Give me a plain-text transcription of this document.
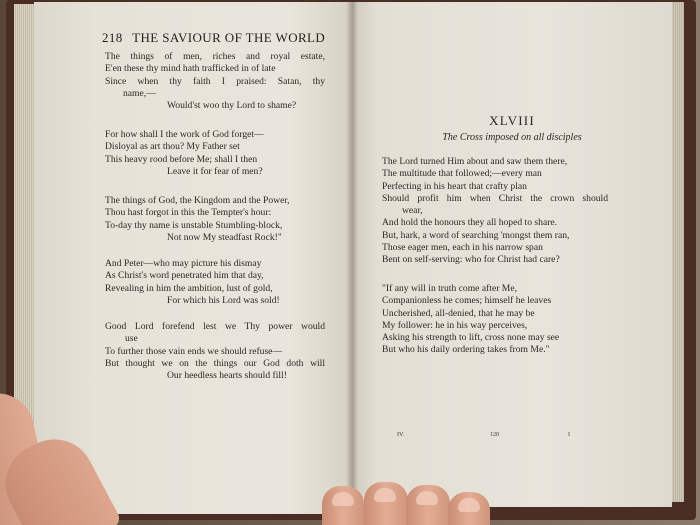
218 THE SAVIOUR OF THE WORLD
The things of men, riches and royal estate,
E'en these thy mind hath trafficked in of late
Since when thy faith I praised: Satan, thy
name,—
Would'st woo thy Lord to shame?
For how shall I the work of God forget—
Disloyal as art thou? My Father set
This heavy rood before Me; shall I then
Leave it for fear of men?
The things of God, the Kingdom and the Power,
Thou hast forgot in this the Tempter's hour:
To-day thy name is unstable Stumbling-block,
Not now My steadfast Rock!"
And Peter—who may picture his dismay
As Christ's word penetrated him that day,
Revealing in him the ambition, lust of gold,
For which his Lord was sold!
Good Lord forefend lest we Thy power would
use
To further those vain ends we should refuse—
But thought we on the things our God doth will
Our heedless hearts should fill!
XLVIII
The Cross imposed on all disciples
The Lord turned Him about and saw them there,
The multitude that followed;—every man
Perfecting in his heart that crafty plan
Should profit him when Christ the crown should
wear,
And hold the honours they all hoped to share.
But, hark, a word of searching 'mongst them ran,
Those eager men, each in his narrow span
Bent on self-serving: who for Christ had care?
"If any will in truth come after Me,
Companionless he comes; himself he leaves
Uncherished, all-denied, that he may be
My follower: he in his way perceives,
Asking his strength to lift, cross none may see
But who his daily ordering takes from Me."
IV.	120	I
